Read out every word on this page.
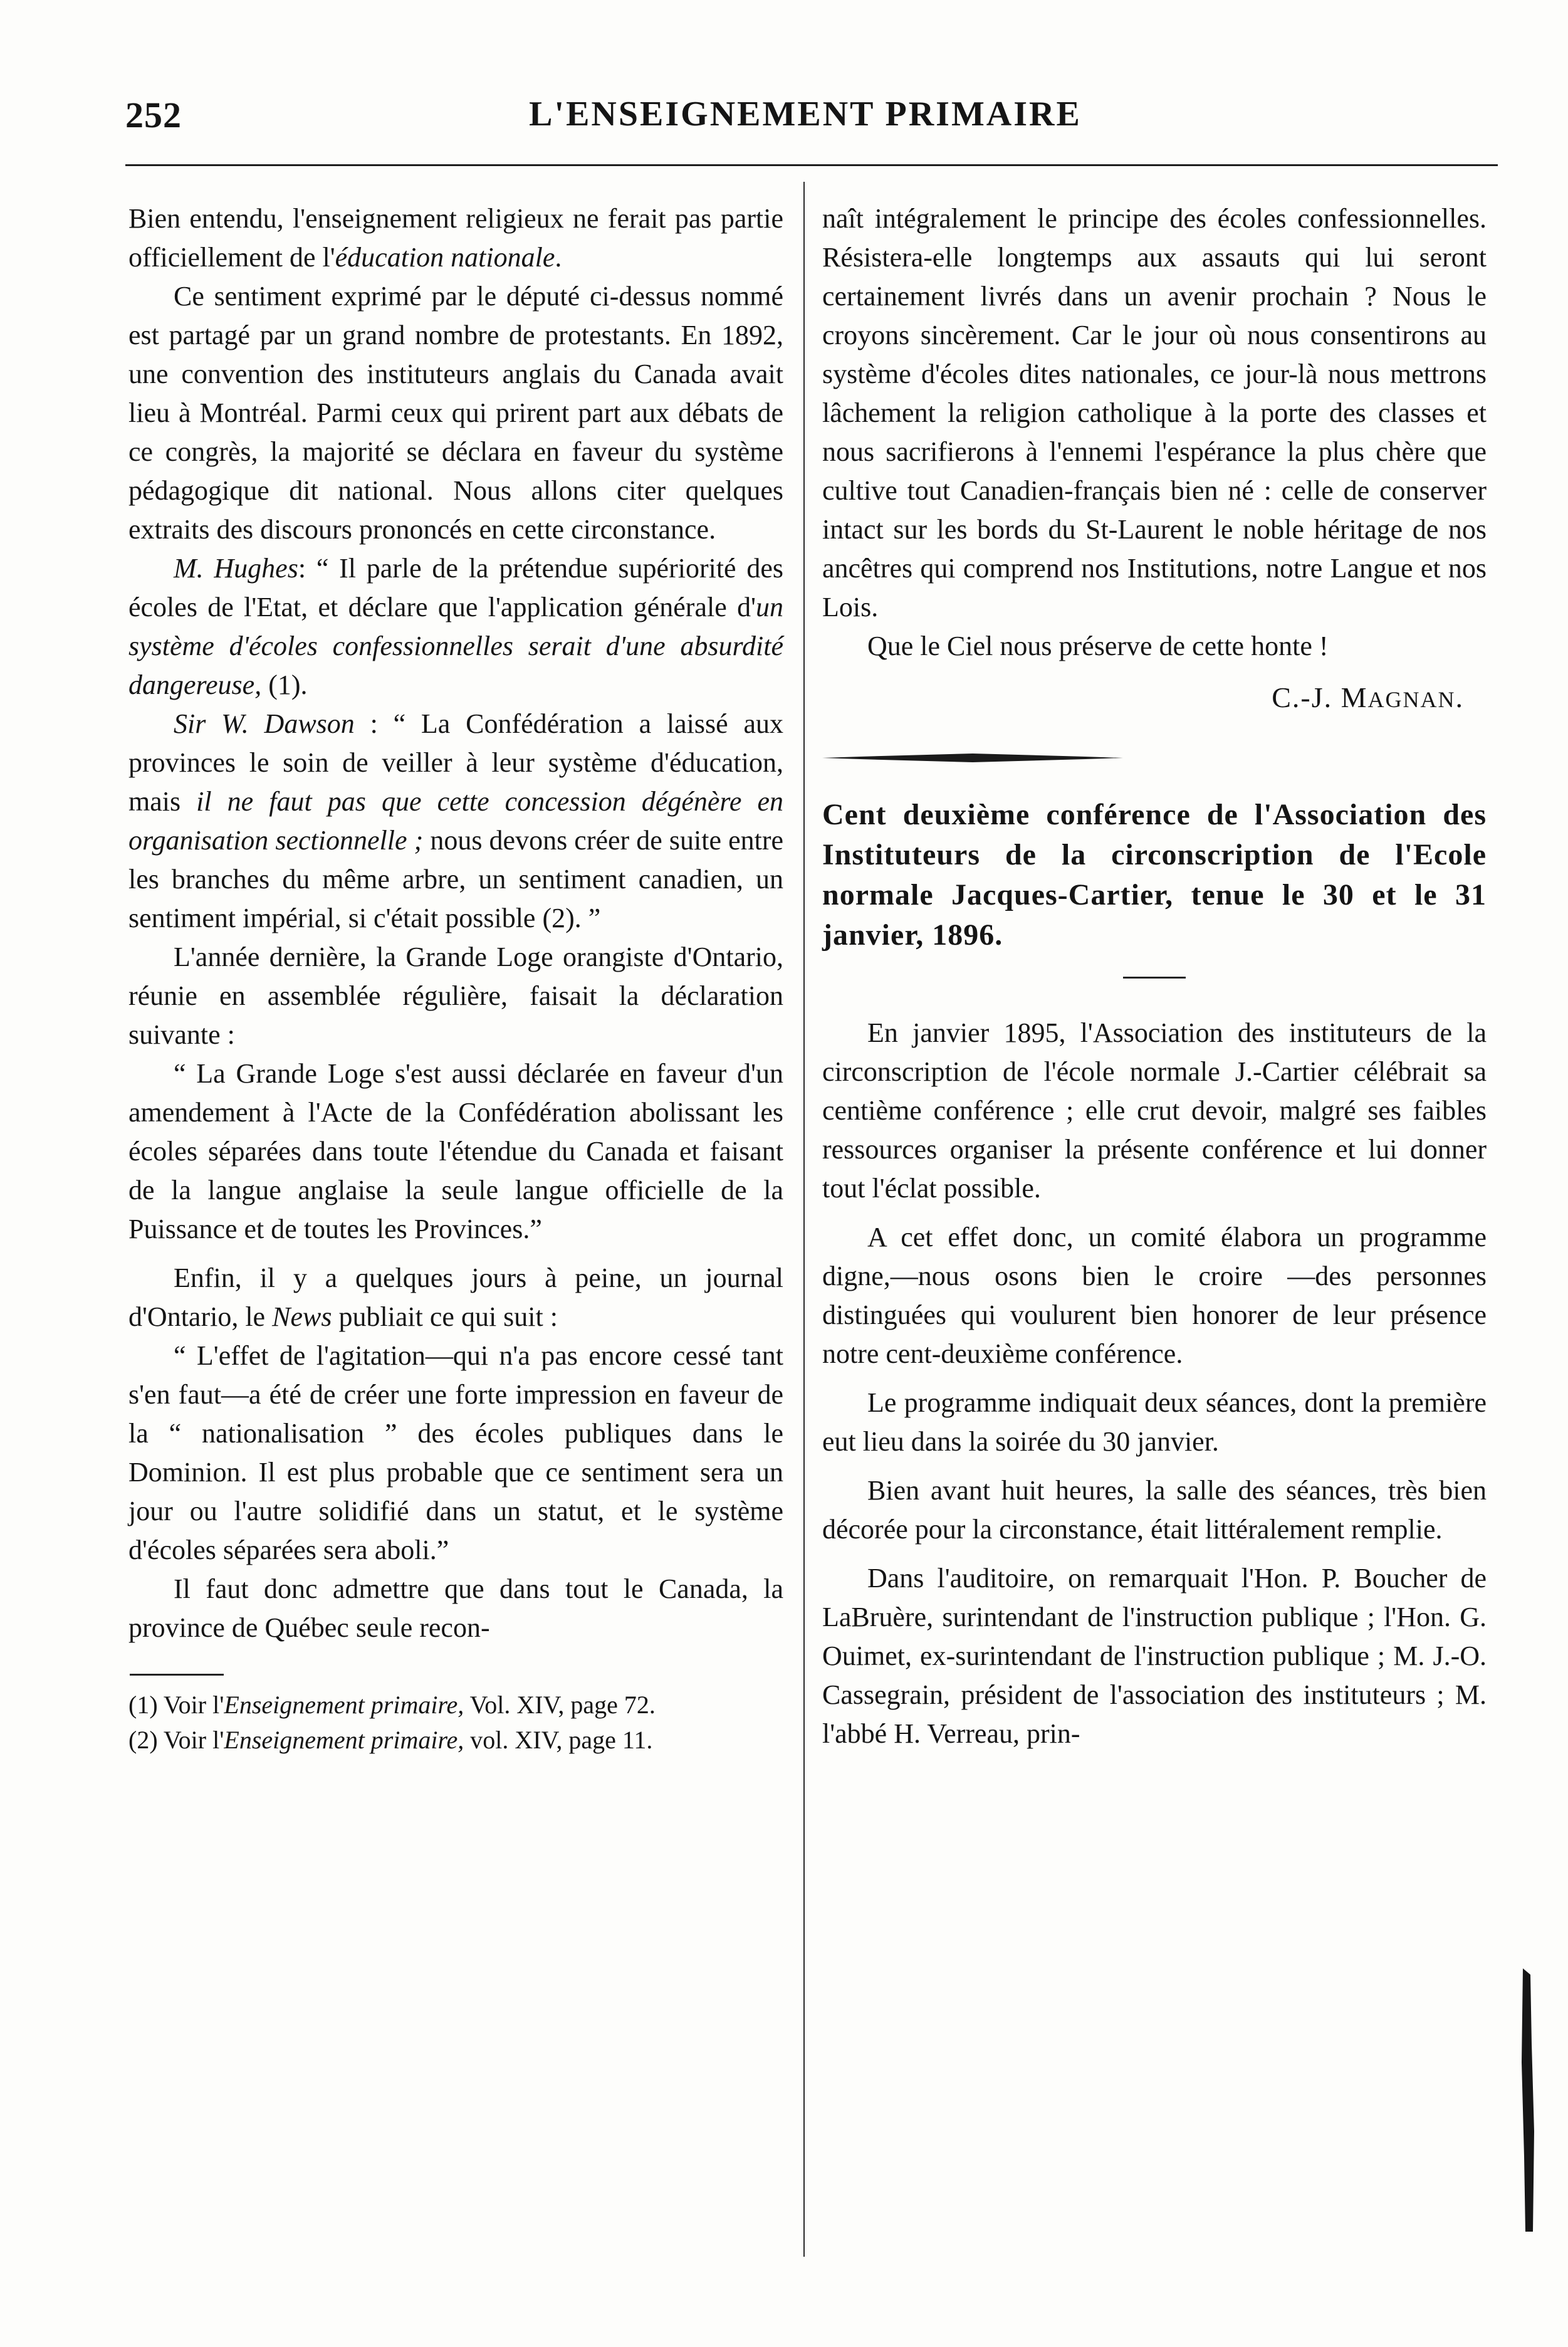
252	L'ENSEIGNEMENT PRIMAIRE

Bien entendu, l'enseignement religieux ne ferait pas partie officiellement de l'éducation nationale.

Ce sentiment exprimé par le député ci-dessus nommé est partagé par un grand nombre de protestants. En 1892, une convention des instituteurs anglais du Canada avait lieu à Montréal. Parmi ceux qui prirent part aux débats de ce congrès, la majorité se déclara en faveur du système pédagogique dit national. Nous allons citer quelques extraits des discours prononcés en cette circonstance.

M. Hughes: “ Il parle de la prétendue supériorité des écoles de l'Etat, et déclare que l'application générale d'un système d'écoles confessionnelles serait d'une absurdité dangereuse, (1).

Sir W. Dawson : “ La Confédération a laissé aux provinces le soin de veiller à leur système d'éducation, mais il ne faut pas que cette concession dégénère en organisation sectionnelle ; nous devons créer de suite entre les branches du même arbre, un sentiment canadien, un sentiment impérial, si c'était possible (2). ”

L'année dernière, la Grande Loge orangiste d'Ontario, réunie en assemblée régulière, faisait la déclaration suivante :

“ La Grande Loge s'est aussi déclarée en faveur d'un amendement à l'Acte de la Confédération abolissant les écoles séparées dans toute l'étendue du Canada et faisant de la langue anglaise la seule langue officielle de la Puissance et de toutes les Provinces.”

Enfin, il y a quelques jours à peine, un journal d'Ontario, le News publiait ce qui suit :

“ L'effet de l'agitation—qui n'a pas encore cessé tant s'en faut—a été de créer une forte impression en faveur de la “ nationalisation ” des écoles publiques dans le Dominion. Il est plus probable que ce sentiment sera un jour ou l'autre solidifié dans un statut, et le système d'écoles séparées sera aboli.”

Il faut donc admettre que dans tout le Canada, la province de Québec seule recon-

(1) Voir l'Enseignement primaire, Vol. XIV, page 72.

(2) Voir l'Enseignement primaire, vol. XIV, page 11.

naît intégralement le principe des écoles confessionnelles. Résistera-elle longtemps aux assauts qui lui seront certainement livrés dans un avenir prochain ? Nous le croyons sincèrement. Car le jour où nous consentirons au système d'écoles dites nationales, ce jour-là nous mettrons lâchement la religion catholique à la porte des classes et nous sacrifierons à l'ennemi l'espérance la plus chère que cultive tout Canadien-français bien né : celle de conserver intact sur les bords du St-Laurent le noble héritage de nos ancêtres qui comprend nos Institutions, notre Langue et nos Lois.

Que le Ciel nous préserve de cette honte !

C.-J. MAGNAN.

Cent deuxième conférence de l'Association des Instituteurs de la circonscription de l'Ecole normale Jacques-Cartier, tenue le 30 et le 31 janvier, 1896.

En janvier 1895, l'Association des instituteurs de la circonscription de l'école normale J.-Cartier célébrait sa centième conférence ; elle crut devoir, malgré ses faibles ressources organiser la présente conférence et lui donner tout l'éclat possible.

A cet effet donc, un comité élabora un programme digne,—nous osons bien le croire —des personnes distinguées qui voulurent bien honorer de leur présence notre cent-deuxième conférence.

Le programme indiquait deux séances, dont la première eut lieu dans la soirée du 30 janvier.

Bien avant huit heures, la salle des séances, très bien décorée pour la circonstance, était littéralement remplie.

Dans l'auditoire, on remarquait l'Hon. P. Boucher de LaBruère, surintendant de l'instruction publique ; l'Hon. G. Ouimet, ex-surintendant de l'instruction publique ; M. J.-O. Cassegrain, président de l'association des instituteurs ; M. l'abbé H. Verreau, prin-
